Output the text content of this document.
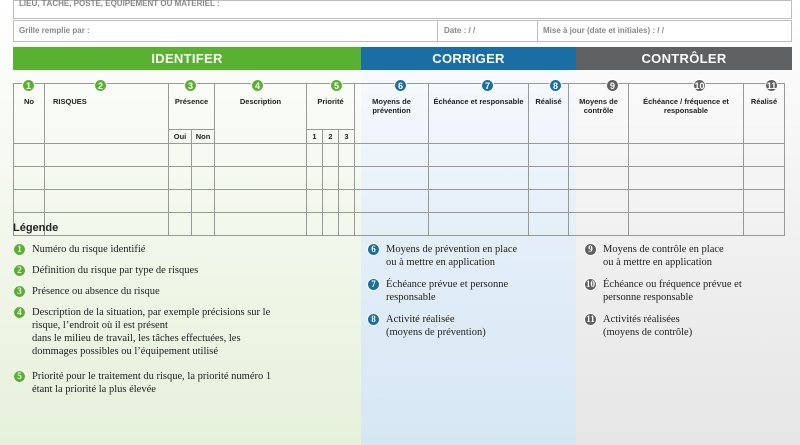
LIEU, TÂCHE, POSTE, ÉQUIPEMENT OU MATÉRIEL :
Grille remplie par :	Date : / /	Mise à jour (date et initiales) : / /
IDENTIFER	CORRIGER	CONTRÔLER
No	RISQUES	Présence		Description	Priorité			Moyens de prévention	Échéance et responsable	Réalisé	Moyens de contrôle	Échéance / fréquence et responsable	Réalisé
		Oui	Non		1	2	3						

1	2	3	4	5	6	7	8	9	10	11
Légende
1 Numéro du risque identifié
2 Définition du risque par type de risques
3 Présence ou absence du risque
4 Description de la situation, par exemple précisions sur le
risque, l’endroit où il est présent
dans le milieu de travail, les tâches effectuées, les
dommages possibles ou l’équipement utilisé
5 Priorité pour le traitement du risque, la priorité numéro 1
étant la priorité la plus élevée
6 Moyens de prévention en place
ou à mettre en application
7 Échéance prévue et personne
responsable
8 Activité réalisée
(moyens de prévention)
9 Moyens de contrôle en place
ou à mettre en application
10 Échéance ou fréquence prévue et
personne responsable
11 Activités réalisées
(moyens de contrôle)
